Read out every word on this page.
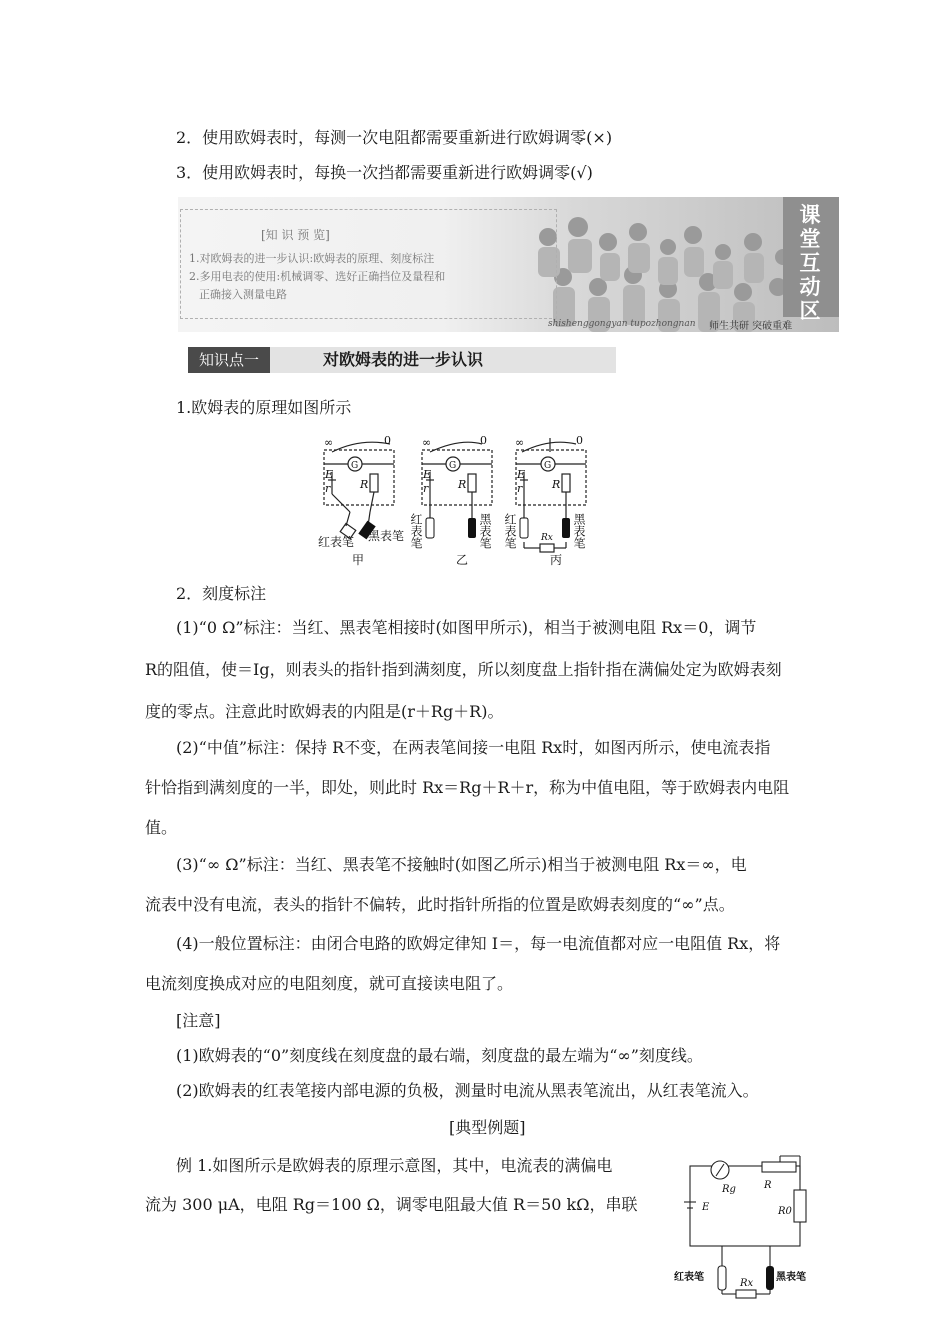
2．使用欧姆表时，每测一次电阻都需要重新进行欧姆调零(×)
3．使用欧姆表时，每换一次挡都需要重新进行欧姆调零(√)
[知 识 预 览]
1.对欧姆表的进一步认识:欧姆表的原理、刻度标注
2.多用电表的使用:机械调零、选好正确挡位及量程和
正确接入测量电路
课堂互动区
shishenggongyan tupozhongnan 师生共研 突破重难
知识点一	对欧姆表的进一步认识
1.欧姆表的原理如图所示
∞	0	∞	0	∞	0
G	G	G
E
r	R
E
r	R
E
r	R
红表笔 黑表笔 红表笔	黑表笔 红表笔	黑表笔
Rx
甲	乙	丙
2．刻度标注
(1)“0 Ω”标注：当红、黑表笔相接时(如图甲所示)，相当于被测电阻 Rx＝0，调节
R的阻值，使＝Ig，则表头的指针指到满刻度，所以刻度盘上指针指在满偏处定为欧姆表刻
度的零点。注意此时欧姆表的内阻是(r＋Rg＋R)。
(2)“中值”标注：保持 R不变，在两表笔间接一电阻 Rx时，如图丙所示，使电流表指
针恰指到满刻度的一半，即处，则此时 Rx＝Rg＋R＋r，称为中值电阻，等于欧姆表内电阻
值。
(3)“∞ Ω”标注：当红、黑表笔不接触时(如图乙所示)相当于被测电阻 Rx＝∞，电
流表中没有电流，表头的指针不偏转，此时指针所指的位置是欧姆表刻度的“∞”点。
(4)一般位置标注：由闭合电路的欧姆定律知 I＝，每一电流值都对应一电阻值 Rx，将
电流刻度换成对应的电阻刻度，就可直接读电阻了。
[注意]
(1)欧姆表的“0”刻度线在刻度盘的最右端，刻度盘的最左端为“∞”刻度线。
(2)欧姆表的红表笔接内部电源的负极，测量时电流从黑表笔流出，从红表笔流入。
[典型例题]
例 1.如图所示是欧姆表的原理示意图，其中，电流表的满偏电
流为 300 μA，电阻 Rg＝100 Ω，调零电阻最大值 R＝50 kΩ，串联
Rg	R
R0
E
Rx
红表笔	黑表笔
